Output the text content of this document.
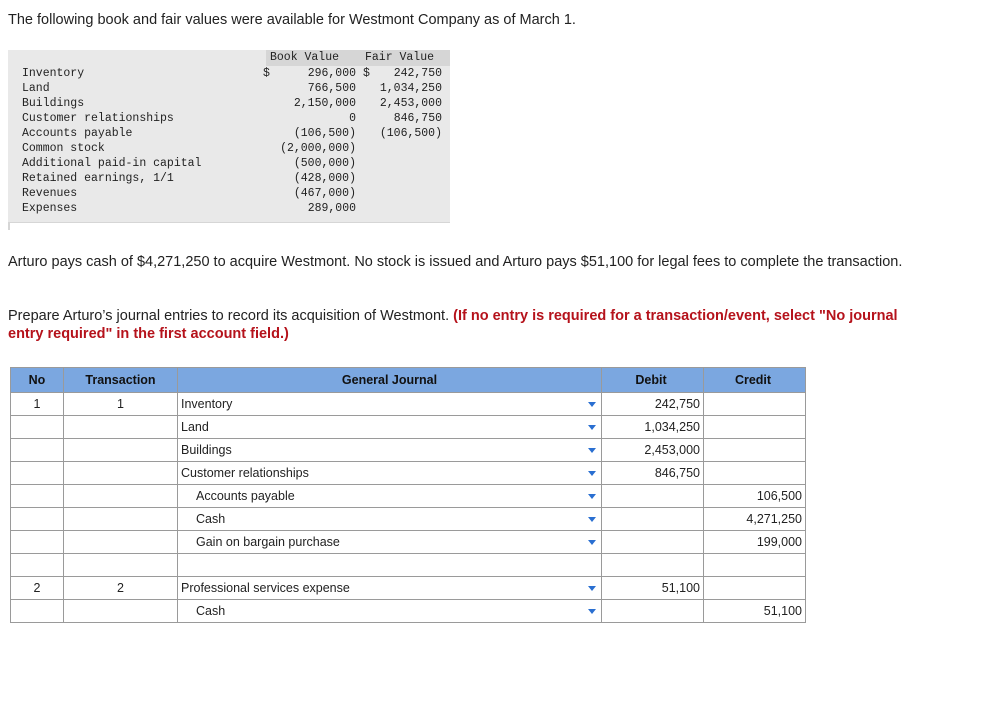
The following book and fair values were available for Westmont Company as of March 1.
Book Value Fair Value
Inventory	$	296,000 $ 242,750
Land	766,500 1,034,250
Buildings	2,150,000 2,453,000
Customer relationships	0	846,750
Accounts payable	(106,500) (106,500)
Common stock	(2,000,000)
Additional paid-in capital	(500,000)
Retained earnings, 1/1	(428,000)
Revenues	(467,000)
Expenses	289,000
Arturo pays cash of $4,271,250 to acquire Westmont. No stock is issued and Arturo pays $51,100 for legal fees to complete the transaction.
Prepare Arturo’s journal entries to record its acquisition of Westmont. (If no entry is required for a transaction/event, select "No journal entry required" in the first account field.)
No	Transaction	General Journal		Debit	Credit
1	1	Inventory		242,750	
		Land		1,034,250	
		Buildings		2,453,000	
		Customer relationships		846,750	
		Accounts payable			106,500
		Cash			4,271,250
		Gain on bargain purchase			199,000

2	2	Professional services expense		51,100	
		Cash			51,100
